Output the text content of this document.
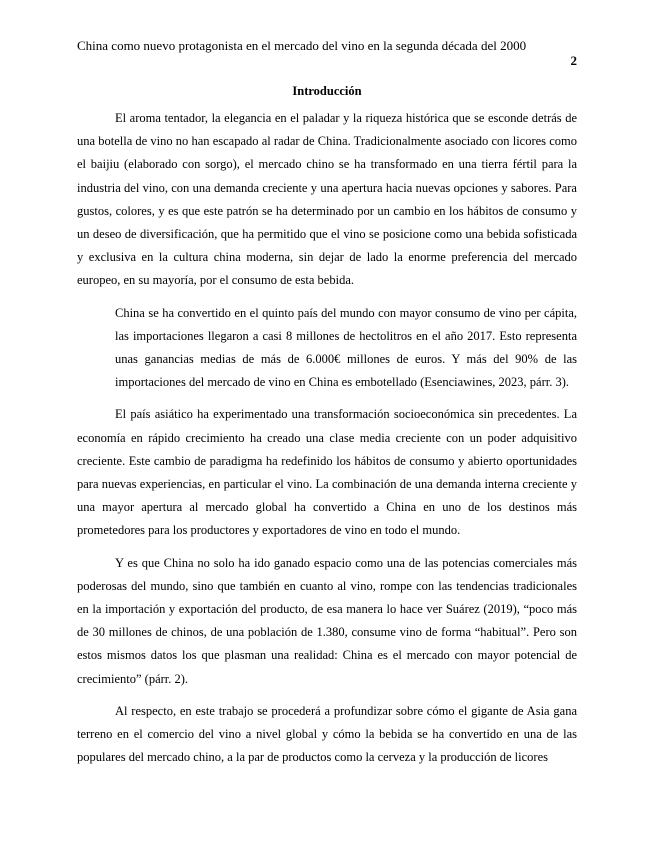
China como nuevo protagonista en el mercado del vino en la segunda década del 2000
2

Introducción

El aroma tentador, la elegancia en el paladar y la riqueza histórica que se esconde detrás de una botella de vino no han escapado al radar de China. Tradicionalmente asociado con licores como el baijiu (elaborado con sorgo), el mercado chino se ha transformado en una tierra fértil para la industria del vino, con una demanda creciente y una apertura hacia nuevas opciones y sabores. Para gustos, colores, y es que este patrón se ha determinado por un cambio en los hábitos de consumo y un deseo de diversificación, que ha permitido que el vino se posicione como una bebida sofisticada y exclusiva en la cultura china moderna, sin dejar de lado la enorme preferencia del mercado europeo, en su mayoría, por el consumo de esta bebida.

China se ha convertido en el quinto país del mundo con mayor consumo de vino per cápita, las importaciones llegaron a casi 8 millones de hectolitros en el año 2017. Esto representa unas ganancias medias de más de 6.000€ millones de euros. Y más del 90% de las importaciones del mercado de vino en China es embotellado (Esenciawines, 2023, párr. 3).

El país asiático ha experimentado una transformación socioeconómica sin precedentes. La economía en rápido crecimiento ha creado una clase media creciente con un poder adquisitivo creciente. Este cambio de paradigma ha redefinido los hábitos de consumo y abierto oportunidades para nuevas experiencias, en particular el vino. La combinación de una demanda interna creciente y una mayor apertura al mercado global ha convertido a China en uno de los destinos más prometedores para los productores y exportadores de vino en todo el mundo.

Y es que China no solo ha ido ganado espacio como una de las potencias comerciales más poderosas del mundo, sino que también en cuanto al vino, rompe con las tendencias tradicionales en la importación y exportación del producto, de esa manera lo hace ver Suárez (2019), “poco más de 30 millones de chinos, de una población de 1.380, consume vino de forma “habitual”. Pero son estos mismos datos los que plasman una realidad: China es el mercado con mayor potencial de crecimiento” (párr. 2).

Al respecto, en este trabajo se procederá a profundizar sobre cómo el gigante de Asia gana terreno en el comercio del vino a nivel global y cómo la bebida se ha convertido en una de las populares del mercado chino, a la par de productos como la cerveza y la producción de licores
